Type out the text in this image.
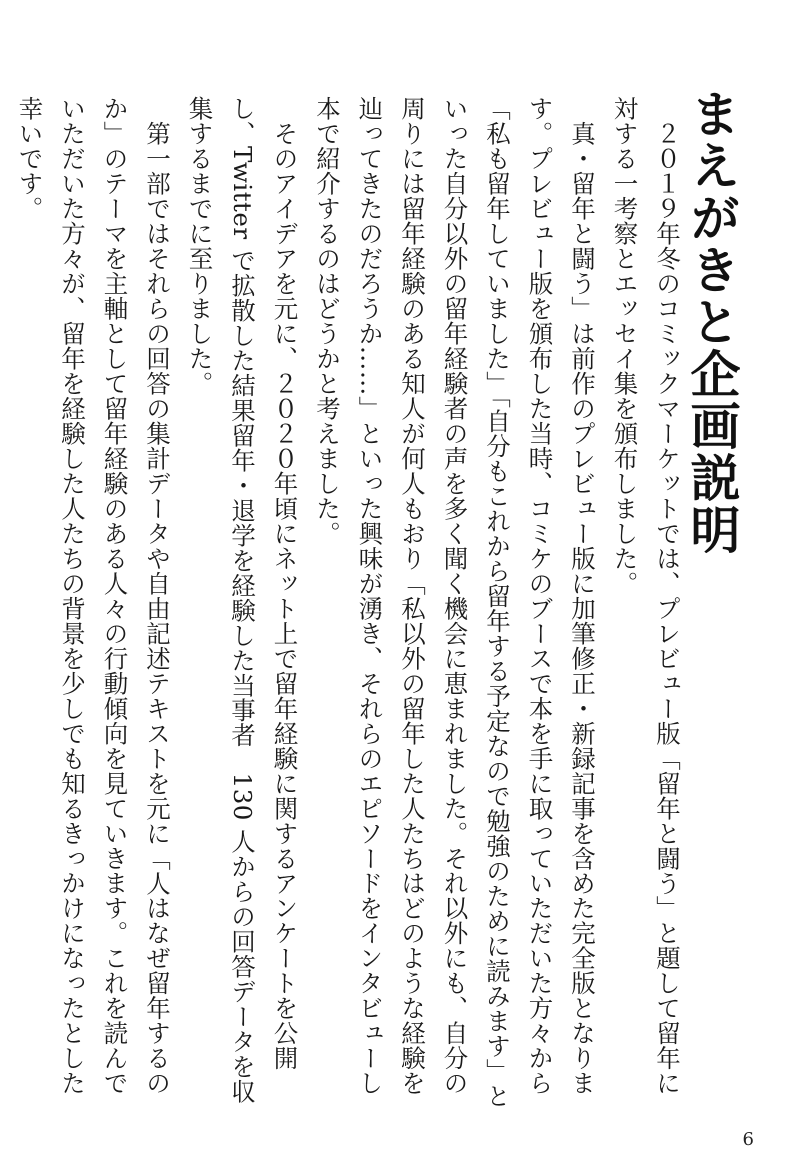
まえがきと企画説明

２０１９年冬のコミックマーケットでは、プレビュー版「留年と闘う」と題して留年に対する一考察とエッセイ集を頒布しました。

真・留年と闘う」は前作のプレビュー版に加筆修正・新録記事を含めた完全版となります。プレビュー版を頒布した当時、コミケのブースで本を手に取っていただいた方々から「私も留年していました」「自分もこれから留年する予定なので勉強のために読みます」といった自分以外の留年経験者の声を多く聞く機会に恵まれました。それ以外にも、自分の周りには留年経験のある知人が何人もおり「私以外の留年した人たちはどのような経験を辿ってきたのだろうか……」といった興味が湧き、それらのエピソードをインタビューし本で紹介するのはどうかと考えました。

そのアイデアを元に、２０２０年頃にネット上で留年経験に関するアンケートを公開し、Twitter で拡散した結果留年・退学を経験した当事者　130 人からの回答データを収集するまでに至りました。

第一部ではそれらの回答の集計データや自由記述テキストを元に「人はなぜ留年するのか」のテーマを主軸として留年経験のある人々の行動傾向を見ていきます。これを読んでいただいた方々が、留年を経験した人たちの背景を少しでも知るきっかけになったとした幸いです。

6
